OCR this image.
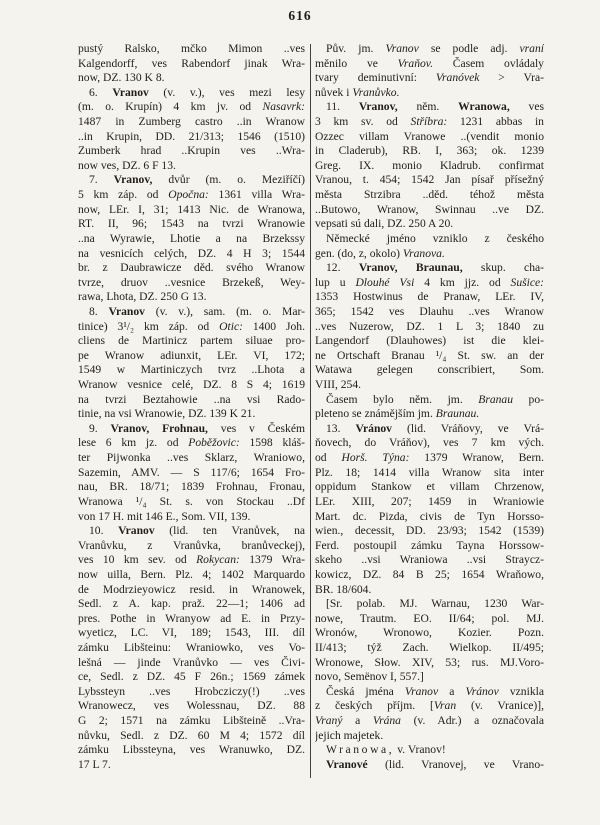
616
pustý Ralsko, mčko Mimon ..ves
Kalgendorff, ves Rabendorf jinak Wra-
now, DZ. 130 K 8.
6. Vranov (v. v.), ves mezi lesy
(m. o. Krupín) 4 km jv. od Nasavrk:
1487 in Zumberg castro ..in Wranow
..in Krupin, DD. 21/313; 1546 (1510)
Zumberk hrad ..Krupin ves ..Wra-
now ves, DZ. 6 F 13.
7. Vranov, dvůr (m. o. Meziříčí)
5 km záp. od Opočna: 1361 villa Wra-
now, LEr. I, 31; 1413 Nic. de Wranowa,
RT. II, 96; 1543 na tvrzi Wranowie
..na Wyrawie, Lhotie a na Brzekssy
na vesnicích celých, DZ. 4 H 3; 1544
br. z Daubrawicze děd. svého Wranow
tvrze, druov ..vesnice Brzekeß, Wey-
rawa, Lhota, DZ. 250 G 13.
8. Vranov (v. v.), sam. (m. o. Mar-
tinice) 3¹/₂ km záp. od Otic: 1400 Joh.
cliens de Martinicz partem siluae pro-
pe Wranow adiunxit, LEr. VI, 172;
1549 w Martiniczych tvrz ..Lhota a
Wranow vesnice celé, DZ. 8 S 4; 1619
na tvrzi Beztahowie ..na vsi Rado-
tinie, na vsi Wranowie, DZ. 139 K 21.
9. Vranov, Frohnau, ves v Českém
lese 6 km jz. od Poběžovic: 1598 kláš-
ter Pijwonka ..ves Sklarz, Wraniowo,
Sazemin, AMV. — S 117/6; 1654 Fro-
nau, BR. 18/71; 1839 Frohnau, Fronau,
Wranowa ¹/₄ St. s. von Stockau ..Df
von 17 H. mit 146 E., Som. VII, 139.
10. Vranov (lid. ten Vranůvek, na
Vranůvku, z Vranůvka, branůveckej),
ves 10 km sev. od Rokycan: 1379 Wra-
now uilla, Bern. Plz. 4; 1402 Marquardo
de Modrzieyowicz resid. in Wranowek,
Sedl. z A. kap. praž. 22—1; 1406 ad
pres. Pothe in Wranyow ad E. in Przy-
wyeticz, LC. VI, 189; 1543, III. díl
zámku Libšteinu: Wraniowko, ves Vo-
lešná — jinde Vranůvko — ves Čivi-
ce, Sedl. z DZ. 45 F 26n.; 1569 zámek
Lybssteyn ..ves Hrobcziczy(!) ..ves
Wranowecz, ves Wolessnau, DZ. 88
G 2; 1571 na zámku Libšteině ..Vra-
nůvku, Sedl. z DZ. 60 M 4; 1572 díl
zámku Libssteyna, ves Wranuwko, DZ.
17 L 7.
Pův. jm. Vranov se podle adj. vraní
měnilo ve Vraňov. Časem ovládaly
tvary deminutivní: Vranóvek > Vra-
nůvek i Vranůvko.
11. Vranov, něm. Wranowa, ves
3 km sv. od Stříbra: 1231 abbas in
Ozzec villam Vranowe ..(vendit monio
in Claderub), RB. I, 363; ok. 1239
Greg. IX. monio Kladrub. confirmat
Vranou, t. 454; 1542 Jan písař přísežný
města Strzibra ..děd. téhož města
..Butowo, Wranow, Swinnau ..ve DZ.
vepsati sú dali, DZ. 250 A 20.
Německé jméno vzniklo z českého
gen. (do, z, okolo) Vranova.
12. Vranov, Braunau, skup. cha-
lup u Dlouhé Vsi 4 km jjz. od Sušice:
1353 Hostwinus de Pranaw, LEr. IV,
365; 1542 ves Dlauhu ..ves Wranow
..ves Nuzerow, DZ. 1 L 3; 1840 zu
Langendorf (Dlauhowes) ist die klei-
ne Ortschaft Branau ¹/₄ St. sw. an der
Watawa gelegen conscribiert, Som.
VIII, 254.
Časem bylo něm. jm. Branau po-
pleteno se známějším jm. Braunau.
13. Vránov (lid. Vráňovy, ve Vrá-
ňovech, do Vráňov), ves 7 km vých.
od Horš. Týna: 1379 Wranow, Bern.
Plz. 18; 1414 villa Wranow sita inter
oppidum Stankow et villam Chrzenow,
LEr. XIII, 207; 1459 in Wraniowie
Mart. dc. Pizda, civis de Tyn Horsso-
wien., decessit, DD. 23/93; 1542 (1539)
Ferd. postoupil zámku Tayna Horssow-
skeho ..vsi Wraniowa ..vsi Straycz-
kowicz, DZ. 84 B 25; 1654 Wraňowo,
BR. 18/604.
[Sr. polab. MJ. Warnau, 1230 War-
nowe, Trautm. EO. II/64; pol. MJ.
Wronów, Wronowo, Kozier. Pozn.
II/413; týž Zach. Wielkop. II/495;
Wronowe, Słow. XIV, 53; rus. MJ.Voro-
novo, Semënov I, 557.]
Česká jména Vranov a Vránov vznikla
z českých příjm. [Vran (v. Vranice)],
Vraný a Vrána (v. Adr.) a označovala
jejich majetek.
Wranowa, v. Vranov!
Vranové (lid. Vranovej, ve Vrano-
